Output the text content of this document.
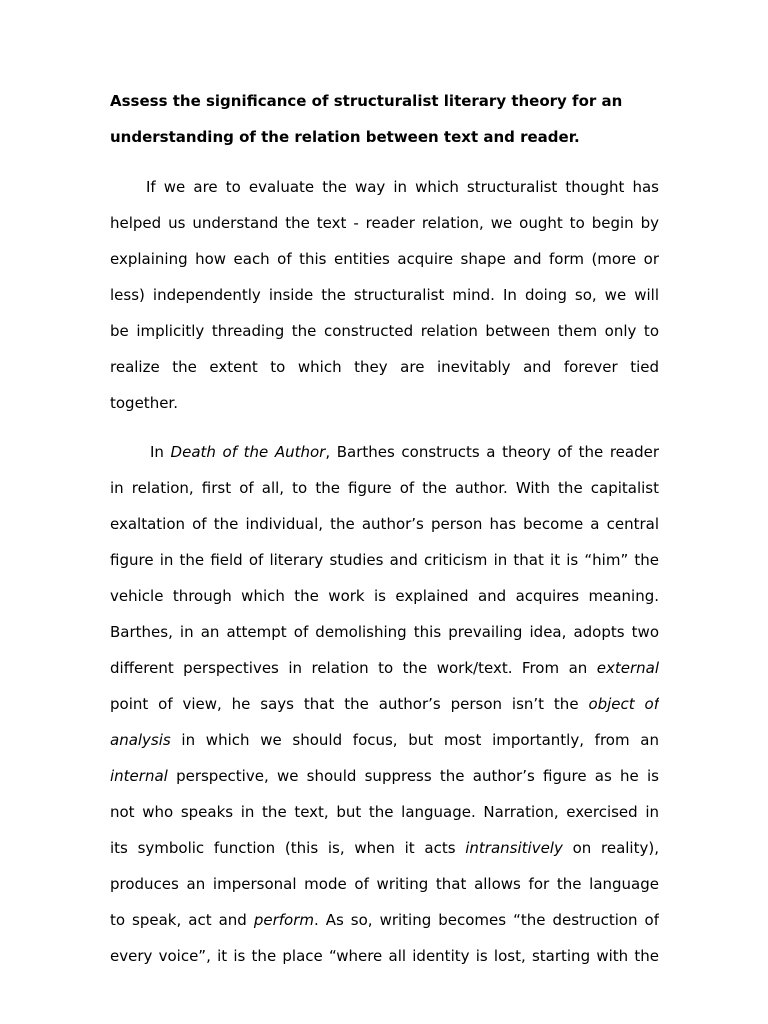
Assess the significance of structuralist literary theory for an
understanding of the relation between text and reader.
If we are to evaluate the way in which structuralist thought has
helped us understand the text - reader relation, we ought to begin by
explaining how each of this entities acquire shape and form (more or
less) independently inside the structuralist mind. In doing so, we will
be implicitly threading the constructed relation between them only to
realize the extent to which they are inevitably and forever tied
together.
In Death of the Author, Barthes constructs a theory of the reader
in relation, first of all, to the figure of the author. With the capitalist
exaltation of the individual, the author’s person has become a central
figure in the field of literary studies and criticism in that it is “him” the
vehicle through which the work is explained and acquires meaning.
Barthes, in an attempt of demolishing this prevailing idea, adopts two
different perspectives in relation to the work/text. From an external
point of view, he says that the author’s person isn’t the object of
analysis in which we should focus, but most importantly, from an
internal perspective, we should suppress the author’s figure as he is
not who speaks in the text, but the language. Narration, exercised in
its symbolic function (this is, when it acts intransitively on reality),
produces an impersonal mode of writing that allows for the language
to speak, act and perform. As so, writing becomes “the destruction of
every voice”, it is the place “where all identity is lost, starting with the
